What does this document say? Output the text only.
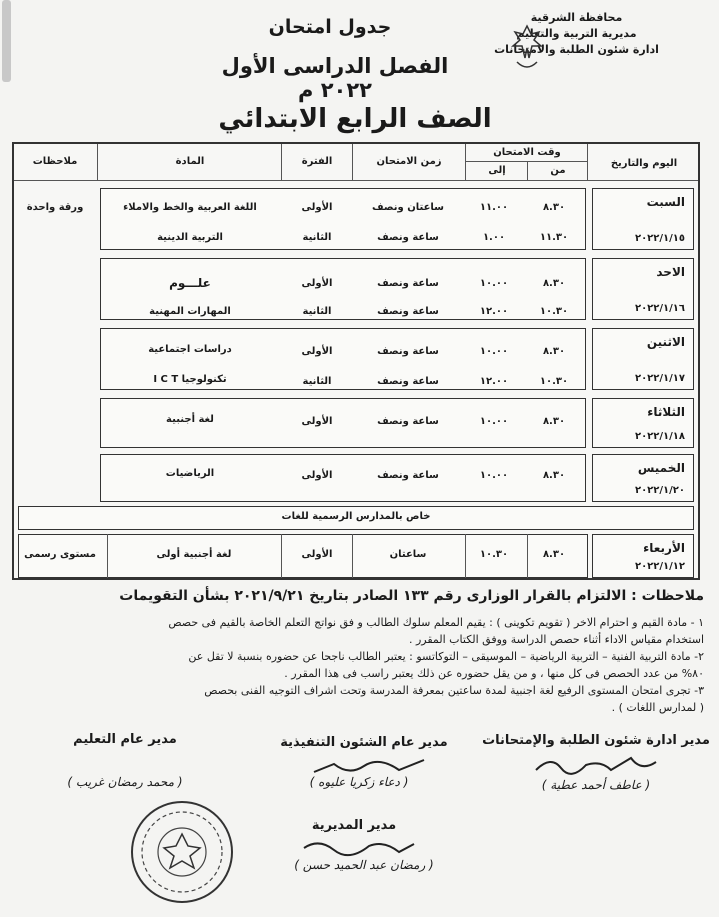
محافظة الشرقية
مديرية التربية والتعليم
ادارة شئون الطلبة والامتحانات
جدول امتحان
الفصل الدراسى الأول ٢٠٢٢ م
الصف الرابع الابتدائي
اليوم والتاريخ
وقت الامتحان
من
إلى
زمن الامتحان
الفترة
المادة
ملاحظات
السبت
٢٠٢٢/١/١٥
٨.٣٠
١١.٠٠
ساعتان ونصف
الأولى
اللغة العربية والخط والاملاء
ورقة واحدة
١١.٣٠
١.٠٠
ساعة ونصف
الثانية
التربية الدينية
الاحد
٢٠٢٢/١/١٦
٨.٣٠
١٠.٠٠
ساعة ونصف
الأولى
علـــوم
١٠.٣٠
١٢.٠٠
ساعة ونصف
الثانية
المهارات المهنية
الاثنين
٢٠٢٢/١/١٧
٨.٣٠
١٠.٠٠
ساعة ونصف
الأولى
دراسات اجتماعية
١٠.٣٠
١٢.٠٠
ساعة ونصف
الثانية
تكنولوجيا I C T
الثلاثاء
٢٠٢٢/١/١٨
٨.٣٠
١٠.٠٠
ساعة ونصف
الأولى
لغة أجنبية
الخميس
٢٠٢٢/١/٢٠
٨.٣٠
١٠.٠٠
ساعة ونصف
الأولى
الرياضيات
خاص بالمدارس الرسمية للغات
الأربعاء
٢٠٢٢/١/١٢
٨.٣٠
١٠.٣٠
ساعتان
الأولى
لغة أجنبية أولى
مستوى رسمى
ملاحظات : الالتزام بالقرار الوزارى رقم ١٣٣ الصادر بتاريخ ٢٠٢١/٩/٢١ بشأن التقويمات
١ - مادة القيم و احترام الاخر ( تقويم تكوينى ) : يقيم المعلم سلوك الطالب و فق نواتج التعلم الخاصة بالقيم فى حصص
استخدام مقياس الاداء أثناء حصص الدراسة ووفق الكتاب المقرر .
٢- مادة التربية الفنية – التربية الرياضية – الموسيقى – التوكاتسو : يعتبر الطالب ناجحا عن حضوره بنسبة لا تقل عن
٨٠% من عدد الحصص فى كل منها ، و من يقل حضوره عن ذلك يعتبر راسب فى هذا المقرر .
٣- تجرى امتحان المستوى الرفيع لغة اجنبية لمدة ساعتين بمعرفة المدرسة وتحت اشراف التوجيه الفنى بحصص
( لمدارس اللغات ) .
مدير ادارة شئون الطلبة والإمتحانات
( عاطف أحمد عطية )
مدير عام الشئون التنفيذية
( دعاء زكريا عليوه )
مدير عام التعليم
( محمد رمضان غريب )
مدير المديرية
( رمضان عبد الحميد حسن )
